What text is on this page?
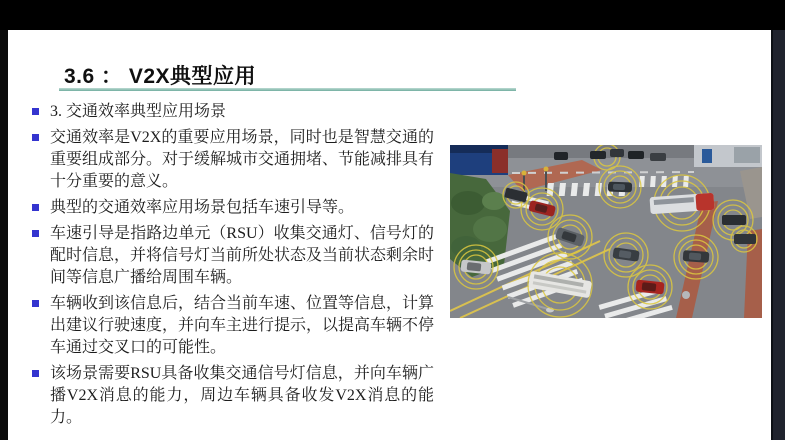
3.6 ： V2X典型应用
3. 交通效率典型应用场景
交通效率是V2X的重要应用场景，同时也是智慧交通的重要组成部分。对于缓解城市交通拥堵、节能减排具有十分重要的意义。
典型的交通效率应用场景包括车速引导等。
车速引导是指路边单元（RSU）收集交通灯、信号灯的配时信息，并将信号灯当前所处状态及当前状态剩余时间等信息广播给周围车辆。
车辆收到该信息后，结合当前车速、位置等信息，计算出建议行驶速度，并向车主进行提示，以提高车辆不停车通过交叉口的可能性。
该场景需要RSU具备收集交通信号灯信息，并向车辆广播V2X消息的能力，周边车辆具备收发V2X消息的能力。
